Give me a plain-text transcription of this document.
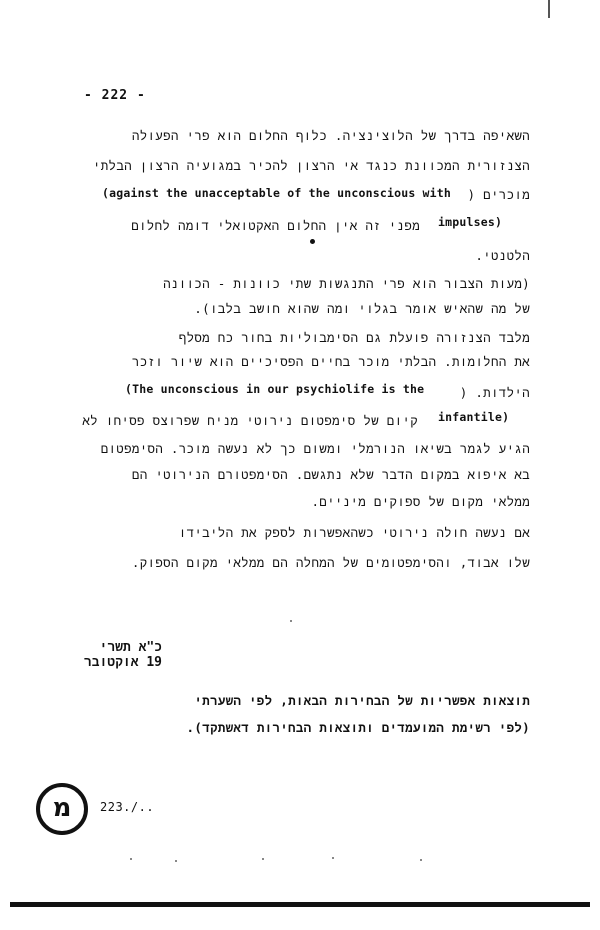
- 222 -
השאיפה בדרך של הלוצינציה. כלוף החלום הוא פרי הפעולה
הצנזורית המכוונת כנגד אי הרצון להכיר במגועיה הרצון הבלתי
מוכרים (
(against the unacceptable of the unconscious with
impulses)
מפני זה אין החלום האקטואלי דומה לחלום
הלטנטי.
(מעות הצבור הוא פרי התנגשות שתי כוונות - הכוונה
של מה שהאיש אומר בגלוי ומה שהוא חושב בלבו).
מלבד הצנזורה פועלת גם הסימבוליות בחור כח מסלף
את החלומות. הבלתי מוכר בחיים הפסיכיים הוא שיור וזכר
הילדות. (
(The unconscious in our psychiolife is the
infantile)
קיום של סימפטום נירוטי מניח שפרוצס פסיחו לא
הגיע לגמר בשיאו הנורמלי ומשום כך לא נעשה מוכר. הסימפטום
בא איפוא במקום הדבר שלא נתגשם. הסימפטורם הנירוטי הם
ממלאי מקום של ספוקים מיניים.
אם נעשה חולה נירוטי כשהאפשרות לספק את הליבידו
שלו אבוד, והסימפטומים של המחלה הם ממלאי מקום הספוק.
כ"א תשרי
19 אוקטובר
תוצאות אפשריות של הבחירות הבאות, לפי השערתי
(לפי רשימת המועמדים ותוצאות הבחירות דאשתקד).
מ	223./..
